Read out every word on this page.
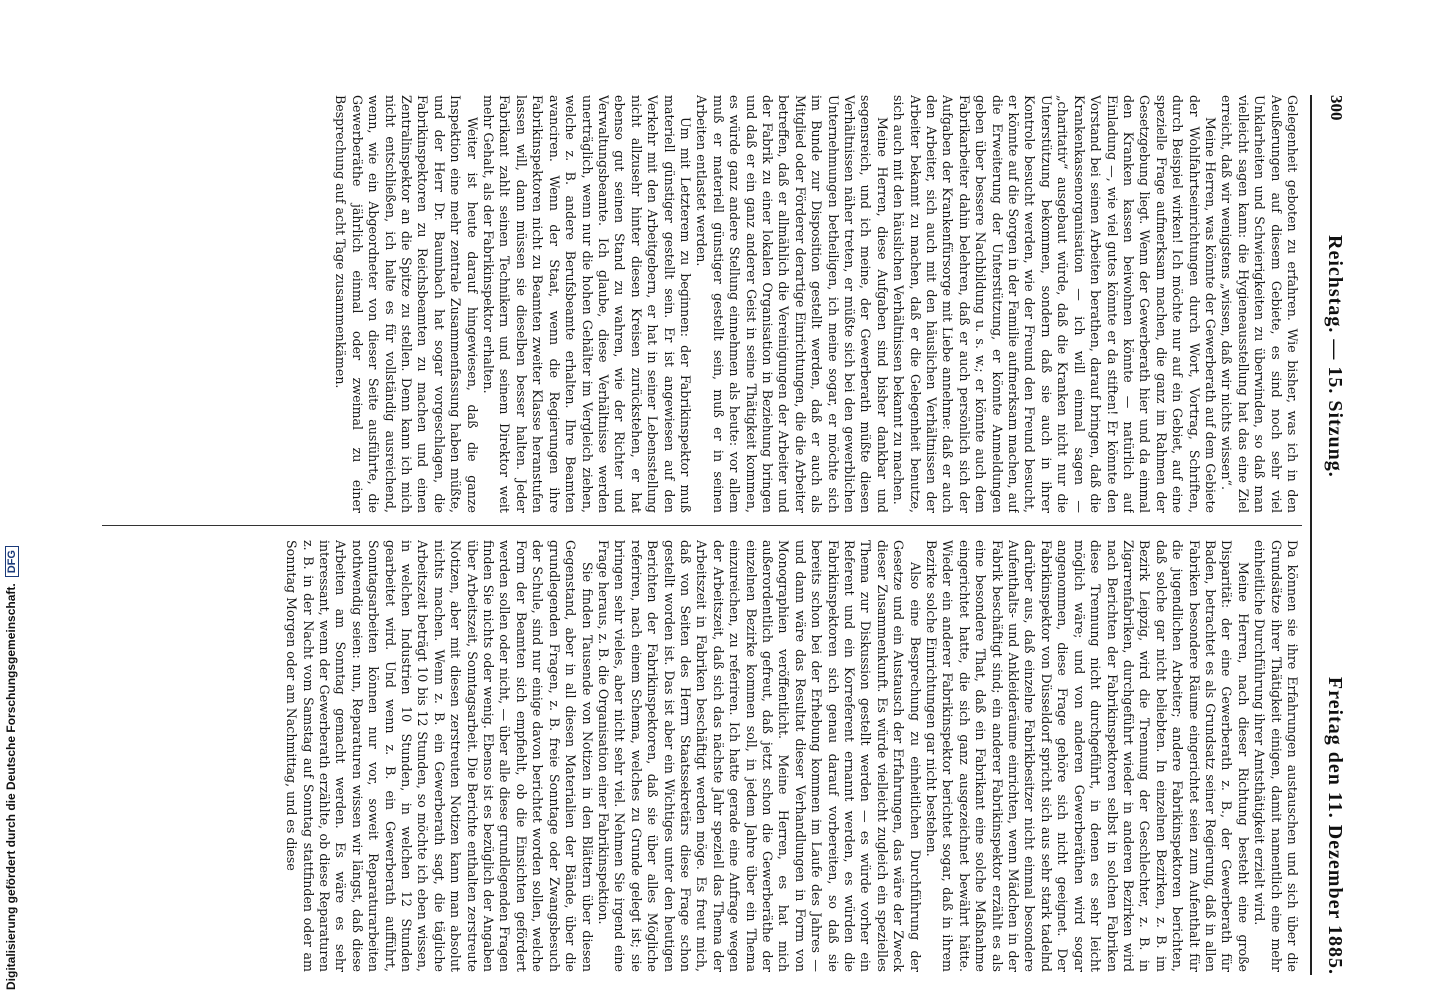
Digitalisierung gefördert durch die Deutsche Forschungsgemeinschaft.DFG
300
Reichstag. — 15. Sitzung.
Freitag den 11. Dezember 1885.

Gelegenheit geboten zu erfahren. Wie bisher, was ich in den Aeußerungen auf diesem Gebiete, es sind noch sehr viel Unklarheiten und Schwierigkeiten zu überwinden, so daß man vielleicht sagen kann: die Hygieneausstellung hat das eine Ziel erreicht, daß wir wenigstens „wissen, daß wir nichts wissen“.

Meine Herren, was könnte der Gewerberath auf dem Gebiete der Wohlfahrtseinrichtungen durch Wort, Vortrag, Schriften, durch Beispiel wirken! Ich möchte nur auf ein Gebiet, auf eine spezielle Frage aufmerksam machen, die ganz im Rahmen der Gesetzgebung liegt. Wenn der Gewerberath hier und da einmal den Kranken kassen beiwohnen könnte — natürlich auf Einladung —, wie viel gutes könnte er da stiften! Er könnte den Vorstand bei seinen Arbeiten berathen, darauf bringen, daß die Krankenkassenorganisation — ich will einmal sagen — „charitativ“ ausgebaut würde, daß die Kranken nicht nur die Unterstützung bekommen, sondern daß sie auch in ihrer Kontrole besucht werden, wie der Freund den Freund besucht, er könnte auf die Sorgen in der Familie aufmerksam machen, auf die Erweiterung der Unterstützung, er könnte Anmeldungen geben über bessere Nachbildung u. s. w.; er könnte auch dem Fabrikarbeiter dahin belehren, daß er auch persönlich sich der Aufgaben der Krankenfürsorge mit Liebe annehme: daß er auch den Arbeiter, sich auch mit den häuslichen Verhältnissen der Arbeiter bekannt zu machen, daß er die Gelegenheit benutze, sich auch mit den häuslichen Verhältnissen bekannt zu machen.

Meine Herren, diese Aufgaben sind bisher dankbar und segensreich, und ich meine, der Gewerberath müßte diesen Verhältnissen näher treten, er müßte sich bei den gewerblichen Unternehmungen betheiligen, ich meine sogar, er möchte sich im Bunde zur Disposition gestellt werden, daß er auch als Mitglied oder Förderer derartige Einrichtungen, die die Arbeiter betreffen, daß er allmählich die Vereinigungen der Arbeiter und der Fabrik zu einer lokalen Organisation in Beziehung bringen und daß er ein ganz anderer Geist in seine Thätigkeit kommen, es würde ganz andere Stellung einnehmen als heute: vor allem muß er materiell günstiger gestellt sein, muß er in seinen Arbeiten entlastet werden.

Um mit Letzterem zu beginnen: der Fabrikinspektor muß materiell günstiger gestellt sein. Er ist angewiesen auf den Verkehr mit den Arbeitgebern, er hat in seiner Lebensstellung nicht allzusehr hinter diesen Kreisen zurückstehen, er hat ebenso gut seinen Stand zu wahren, wie der Richter und Verwaltungsbeamte. Ich glaube, diese Verhältnisse werden unerträglich, wenn nur die hohen Gehälter im Vergleich ziehen, welche z. B. andere Berufsbeamte erhalten. Ihre Beamten avanciren. Wenn der Staat, wenn die Regierungen ihre Fabrikinspektoren nicht zu Beamten zweiter Klasse heranstufen lassen will, dann müssen sie dieselben besser halten. Jeder Fabrikant zahlt seinen Technikern und seinem Direktor weit mehr Gehalt, als der Fabrikinspektor erhalten.

Weiter ist heute darauf hingewiesen, daß die ganze Inspektion eine mehr zentrale Zusammenfassung haben müßte, und der Herr Dr. Baumbach hat sogar vorgeschlagen, die Fabrikinspektoren zu Reichsbeamten zu machen und einen Zentralinspektor an die Spitze zu stellen. Denn kann ich mich nicht entschließen, ich halte es für vollständig ausreichend, wenn, wie ein Abgeordneter von dieser Seite ausführte, die Gewerberäthe jährlich einmal oder zweimal zu einer Besprechung auf acht Tage zusammenkämen.

Da können sie ihre Erfahrungen austauschen und sich über die Grundsätze ihrer Thätigkeit einigen, damit namentlich eine mehr einheitliche Durchführung ihrer Amtsthätigkeit erzielt wird.

Meine Herren, nach dieser Richtung besteht eine große Disparität: der eine Gewerberath z. B., der Gewerberath für Baden, betrachtet es als Grundsatz seiner Regierung, daß in allen Fabriken besondere Räume eingerichtet seien zum Aufenthalt für die jugendlichen Arbeiter; andere Fabrikinspektoren berichten, daß solche gar nicht beliebten. In einzelnen Bezirken, z. B. im Bezirk Leipzig, wird die Trennung der Geschlechter, z. B. in Zigarrenfabriken, durchgeführt wieder in anderen Bezirken wird nach Berichten der Fabrikinspektoren selbst in solchen Fabriken diese Trennung nicht durchgeführt, in denen es sehr leicht möglich wäre; und von anderen Gewerberäthen wird sogar angenommen, diese Frage gehöre sich nicht geeignet. Der Fabrikinspektor von Düsseldorf spricht sich aus sehr stark tadelnd darüber aus, daß einzelne Fabrikbesitzer nicht einmal besondere Aufenthalts- und Ankleideräume einrichten, wenn Mädchen in der Fabrik beschäftigt sind; ein anderer Fabrikinspektor erzählt es als eine besondere That, daß ein Fabrikant eine solche Maßnahme eingerichtet hatte, die sich ganz ausgezeichnet bewährt hätte. Wieder ein anderer Fabrikinspektor berichtet sogar, daß in ihrem Bezirke solche Einrichtungen gar nicht bestehen.

Also eine Besprechung zu einheitlichen Durchführung der Gesetze und ein Austausch der Erfahrungen, das wäre der Zweck dieser Zusammenkunft. Es würde vielleicht zugleich ein spezielles Thema zur Diskussion gestellt werden — es würde vorher ein Referent und ein Korreferent ernannt werden, es würden die Fabrikinspektoren sich genau darauf vorbereiten, so daß sie bereits schon bei der Erhebung kommen im Laufe des Jahres — und dann wäre das Resultat dieser Verhandlungen in Form von Monographien veröffentlicht. Meine Herren, es hat mich außerordentlich gefreut, daß jetzt schon die Gewerberäthe der einzelnen Bezirke kommen soll, in jedem Jahre über ein Thema einzureichen, zu referiren. Ich hatte gerade eine Anfrage wegen der Arbeitszeit, daß sich das nächste Jahr speziell das Thema der Arbeitszeit in Fabriken beschäftigt werden möge. Es freut mich, daß von Seiten des Herrn Staatssekretärs diese Frage schon gestellt worden ist. Das ist aber ein Wichtiges unter den heutigen Berichten der Fabrikinspektoren, daß sie über alles Mögliche referiren, nach einem Schema, welches zu Grunde gelegt ist; sie bringen sehr vieles, aber nicht sehr viel. Nehmen Sie irgend eine Frage heraus, z. B. die Organisation einer Fabrikinspektion.

Sie finden Tausende von Notizen in den Blättern über diesen Gegenstand, aber in all diesen Materialien der Bände, über die grundlegenden Fragen, z. B. freie Sonntage oder Zwangsbesuch der Schule, sind nur einige davon berichtet worden sollen, welche Form der Beamten sich empfiehlt, ob die Einsichten gefördert werden sollen oder nicht, — über alle diese grundlegenden Fragen finden Sie nichts oder wenig. Ebenso ist es bezüglich der Angaben über Arbeitszeit, Sonntagsarbeit. Die Berichte enthalten zerstreute Notizen, aber mit diesen zerstreuten Notizen kann man absolut nichts machen. Wenn z. B. ein Gewerberath sagt, die tägliche Arbeitszeit beträgt 10 bis 12 Stunden, so möchte ich eben wissen, in welchen Industrien 10 Stunden, in welchen 12 Stunden gearbeitet wird. Und wenn z. B. ein Gewerberath aufführt, Sonntagsarbeiten können nur vor, soweit Reparaturarbeiten nothwendig seien: nun, Reparaturen wissen wir längst, daß diese Arbeiten am Sonntag gemacht werden. Es wäre es sehr interessant, wenn der Gewerberath erzählte, ob diese Reparaturen z. B. in der Nacht vom Samstag auf Sonntag stattfinden oder am Sonntag Morgen oder am Nachmittag, und es diese
